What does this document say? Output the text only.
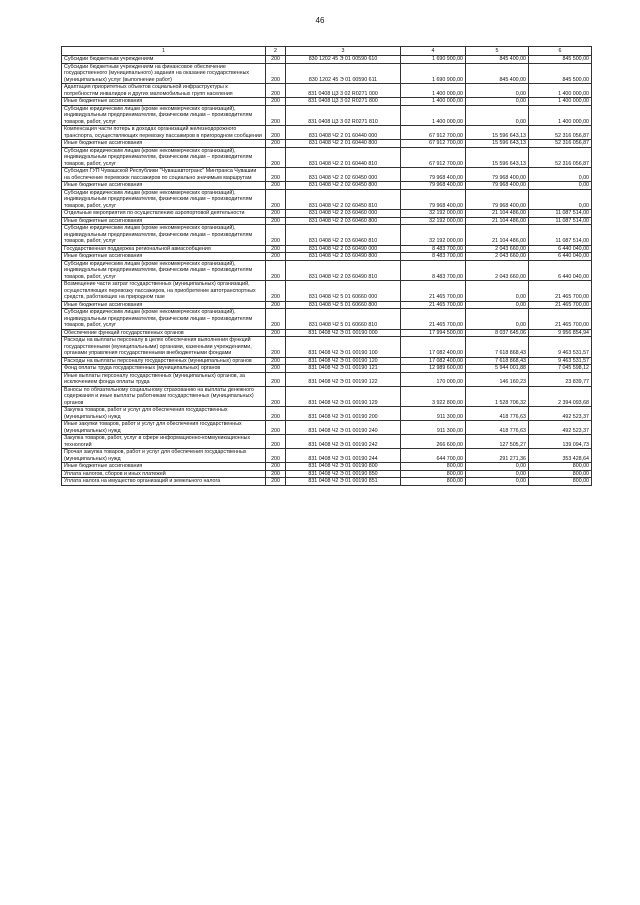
46
1	2	3	4	5	6
Субсидии бюджетным учреждениям	200	830 1202 45 Э 01 00590 610	1 690 900,00	845 400,00	845 500,00
Субсидии бюджетным учреждениям на финансовое обеспечение государственного (муниципального) задания на оказание государственных (муниципальных) услуг (выполнение работ)	200	830 1202 45 Э 01 00590 611	1 690 900,00	845 400,00	845 500,00
Адаптация приоритетных объектов социальной инфраструктуры к потребностям инвалидов и других маломобильных групп населения	200	831 0408 Ц3 3 02 R0271 000	1 400 000,00	0,00	1 400 000,00
Иные бюджетные ассигнования	200	831 0408 Ц3 3 02 R0271 800	1 400 000,00	0,00	1 400 000,00
Субсидии юридическим лицам (кроме некоммерческих организаций), индивидуальным предпринимателям, физическим лицам – производителям товаров, работ, услуг	200	831 0408 Ц3 3 02 R0271 810	1 400 000,00	0,00	1 400 000,00
Компенсация части потерь в доходах организаций железнодорожного транспорта, осуществляющих перевозку пассажиров в пригородном сообщении	200	831 0408 Ч2 2 01 60440 000	67 912 700,00	15 596 643,13	52 316 056,87
Иные бюджетные ассигнования	200	831 0408 Ч2 2 01 60440 800	67 912 700,00	15 596 643,13	52 316 056,87
Субсидии юридическим лицам (кроме некоммерческих организаций), индивидуальным предпринимателям, физическим лицам – производителям товаров, работ, услуг	200	831 0408 Ч2 2 01 60440 810	67 912 700,00	15 596 643,13	52 316 056,87
Субсидия ГУП Чувашской Республики "Чувашавтотранс" Минтранса Чувашии на обеспечение перевозок пассажиров по социально значимым маршрутам	200	831 0408 Ч2 2 02 60450 000	79 968 400,00	79 968 400,00	0,00
Иные бюджетные ассигнования	200	831 0408 Ч2 2 02 60450 800	79 968 400,00	79 968 400,00	0,00
Субсидии юридическим лицам (кроме некоммерческих организаций), индивидуальным предпринимателям, физическим лицам – производителям товаров, работ, услуг	200	831 0408 Ч2 2 02 60450 810	79 968 400,00	79 968 400,00	0,00
Отдельные мероприятия по осуществлению аэропортовой деятельности	200	831 0408 Ч2 2 03 60460 000	32 192 000,00	21 104 486,00	11 087 514,00
Иные бюджетные ассигнования	200	831 0408 Ч2 2 03 60460 800	32 192 000,00	21 104 486,00	11 087 514,00
Субсидии юридическим лицам (кроме некоммерческих организаций), индивидуальным предпринимателям, физическим лицам – производителям товаров, работ, услуг	200	831 0408 Ч2 2 03 60460 810	32 192 000,00	21 104 486,00	11 087 514,00
Государственная поддержка региональной авиасообщения	200	831 0408 Ч2 2 03 60490 000	8 483 700,00	2 043 660,00	6 440 040,00
Иные бюджетные ассигнования	200	831 0408 Ч2 2 03 60490 800	8 483 700,00	2 043 660,00	6 440 040,00
Субсидии юридическим лицам (кроме некоммерческих организаций), индивидуальным предпринимателям, физическим лицам – производителям товаров, работ, услуг	200	831 0408 Ч2 2 03 60490 810	8 483 700,00	2 043 660,00	6 440 040,00
Возмещение части затрат государственных (муниципальных) организаций, осуществляющих перевозку пассажиров, на приобретение автотранспортных средств, работающих на природном газе	200	831 0408 Ч2 5 01 60660 000	21 465 700,00	0,00	21 465 700,00
Иные бюджетные ассигнования	200	831 0408 Ч2 5 01 60660 800	21 465 700,00	0,00	21 465 700,00
Субсидии юридическим лицам (кроме некоммерческих организаций), индивидуальным предпринимателям, физическим лицам – производителям товаров, работ, услуг	200	831 0408 Ч2 5 01 60660 810	21 465 700,00	0,00	21 465 700,00
Обеспечение функций государственных органов	200	831 0408 Ч2 Э 01 00190 000	17 994 500,00	8 037 645,06	9 956 854,94
Расходы на выплаты персоналу в целях обеспечения выполнения функций государственными (муниципальными) органами, казенными учреждениями, органами управления государственными внебюджетными фондами	200	831 0408 Ч2 Э 01 00190 100	17 082 400,00	7 618 868,43	9 463 531,57
Расходы на выплаты персоналу государственных (муниципальных) органов	200	831 0408 Ч2 Э 01 00190 120	17 082 400,00	7 618 868,43	9 463 531,57
Фонд оплаты труда государственных (муниципальных) органов	200	831 0408 Ч2 Э 01 00190 121	12 989 600,00	5 944 001,88	7 045 598,12
Иные выплаты персоналу государственных (муниципальных) органов, за исключением фонда оплаты труда	200	831 0408 Ч2 Э 01 00190 122	170 000,00	146 160,23	23 839,77
Взносы по обязательному социальному страхованию на выплаты денежного содержания и иные выплаты работникам государственных (муниципальных) органов	200	831 0408 Ч2 Э 01 00190 129	3 922 800,00	1 528 706,32	2 394 093,68
Закупка товаров, работ и услуг для обеспечения государственных (муниципальных) нужд	200	831 0408 Ч2 Э 01 00190 200	911 300,00	418 776,63	492 523,37
Иные закупки товаров, работ и услуг для обеспечения государственных (муниципальных) нужд	200	831 0408 Ч2 Э 01 00190 240	911 300,00	418 776,63	492 523,37
Закупка товаров, работ, услуг в сфере информационно-коммуникационных технологий	200	831 0408 Ч2 Э 01 00190 242	266 600,00	127 505,27	139 094,73
Прочая закупка товаров, работ и услуг для обеспечения государственных (муниципальных) нужд	200	831 0408 Ч2 Э 01 00190 244	644 700,00	291 271,36	353 428,64
Иные бюджетные ассигнования	200	831 0408 Ч2 Э 01 00190 800	800,00	0,00	800,00
Уплата налогов, сборов и иных платежей	200	831 0408 Ч2 Э 01 00190 850	800,00	0,00	800,00
Уплата налога на имущество организаций и земельного налога	200	831 0408 Ч2 Э 01 00190 851	800,00	0,00	800,00
